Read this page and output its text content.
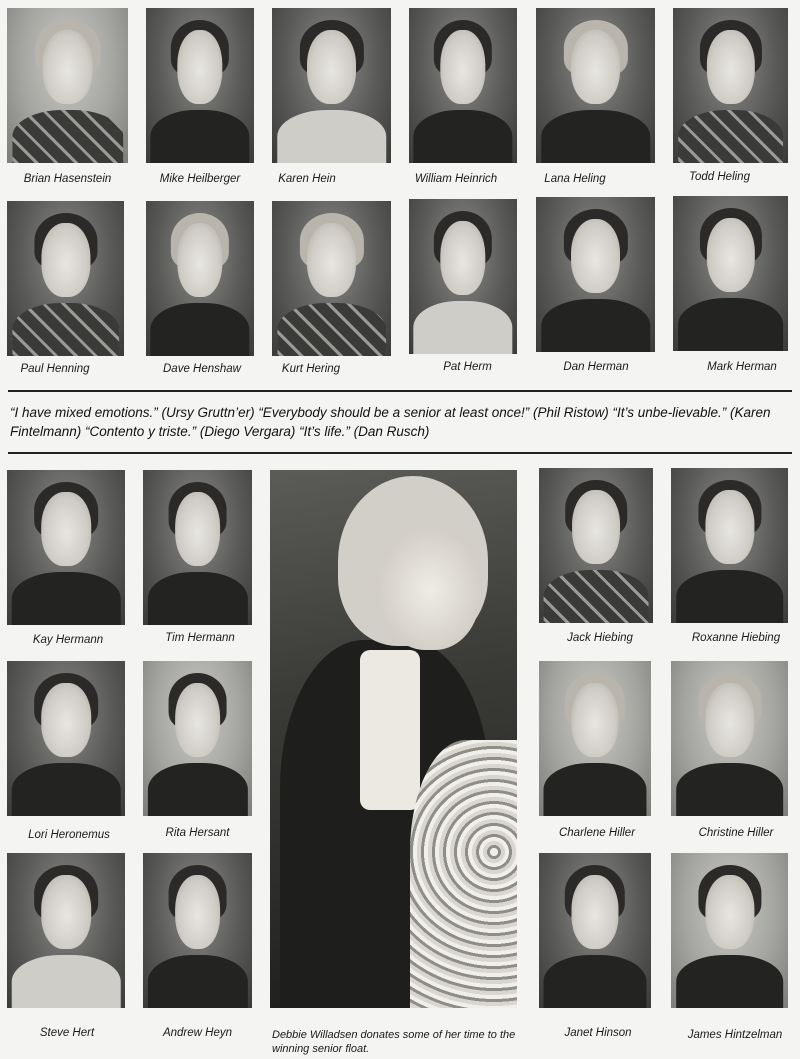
Brian Hasenstein	Mike Heilberger	Karen Hein	William Heinrich	Lana Heling	Todd Heling
Paul Henning	Dave Henshaw	Kurt Hering	Pat Herm	Dan Herman	Mark Herman
“I have mixed emotions.” (Ursy Gruttn’er) “Everybody should be a senior at least once!” (Phil Ristow) “It’s unbe-lievable.” (Karen Fintelmann) “Contento y triste.” (Diego Vergara) “It’s life.” (Dan Rusch)
Kay Hermann	Tim Hermann
Lori Heronemus	Rita Hersant
Steve Hert	Andrew Heyn	Debbie Willadsen donates some of her time to the winning senior float.
Jack Hiebing	Roxanne Hiebing
Charlene Hiller	Christine Hiller
Janet Hinson	James Hintzelman
